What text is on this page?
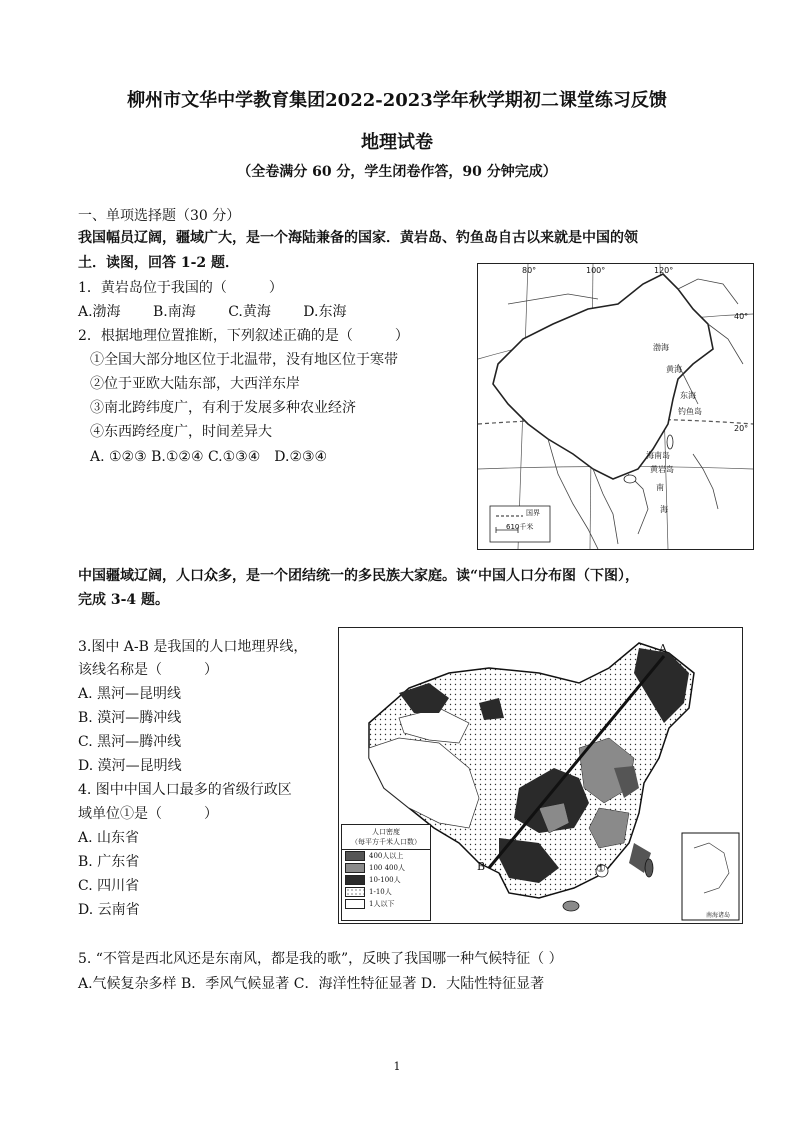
柳州市文华中学教育集团2022-2023学年秋学期初二课堂练习反馈
地理试卷
（全卷满分 60 分，学生闭卷作答，90 分钟完成）
一、单项选择题（30 分）
我国幅员辽阔，疆域广大，是一个海陆兼备的国家．黄岩岛、钓鱼岛自古以来就是中国的领
土．读图，回答 1-2 题．
1．黄岩岛位于我国的（　　　）
A.渤海　　 B.南海　　 C.黄海　　 D.东海
2．根据地理位置推断，下列叙述正确的是（　　　）
①全国大部分地区位于北温带，没有地区位于寒带
②位于亚欧大陆东部，大西洋东岸
③南北跨纬度广，有利于发展多种农业经济
④东西跨经度广，时间差异大
A. ①②③ B.①②④ C.①③④　D.②③④
80°	100°	120°
40°
20°
渤海
黄海
东海
钓鱼岛
海南岛
黄岩岛
南
海
国界
610千米
中国疆域辽阔，人口众多，是一个团结统一的多民族大家庭。读“中国人口分布图（下图），
完成 3-4 题。
3.图中 A-B 是我国的人口地理界线，
该线名称是（　　　）
A. 黑河—昆明线
B. 漠河—腾冲线
C. 黑河—腾冲线
D. 漠河—昆明线
4. 图中中国人口最多的省级行政区
域单位①是（　　　）
A. 山东省
B. 广东省
C. 四川省
D. 云南省
A
B	①
南海诸岛
人口密度
（每平方千米人口数）
400人以上
100 400人
10-100人
1-10人
1人以下
5. “不管是西北风还是东南风，都是我的歌”，反映了我国哪一种气候特征（ ）
A.气候复杂多样 B．季风气候显著 C．海洋性特征显著 D．大陆性特征显著
1
